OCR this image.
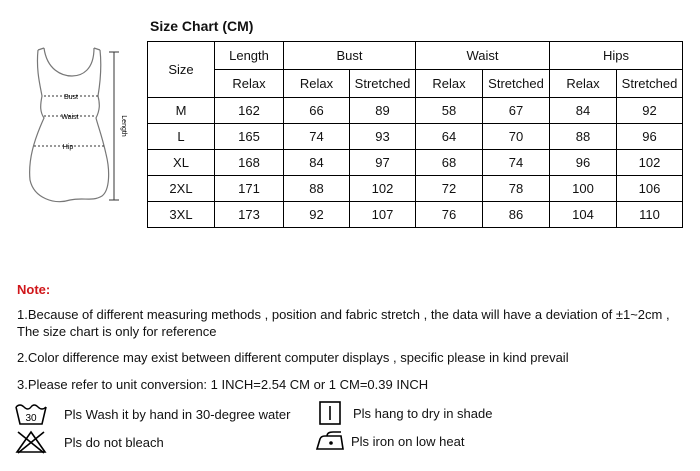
Bust
Waist
Hip
Length
Size Chart (CM)
Size	Length	Bust		Waist		Hips	
	Relax	Relax	Stretched	Relax	Stretched	Relax	Stretched
M	162	66	89	58	67	84	92
L	165	74	93	64	70	88	96
XL	168	84	97	68	74	96	102
2XL	171	88	102	72	78	100	106
3XL	173	92	107	76	86	104	110
Note:
1.Because of different measuring methods , position and fabric stretch , the data will have a deviation of ±1~2cm ,
The size chart is only for reference
2.Color difference may exist between different computer displays , specific please in kind prevail
3.Please refer to unit conversion: 1 INCH=2.54 CM or 1 CM=0.39 INCH
30 Pls Wash it by hand in 30-degree water	Pls hang to dry in shade
Pls do not bleach	Pls iron on low heat
